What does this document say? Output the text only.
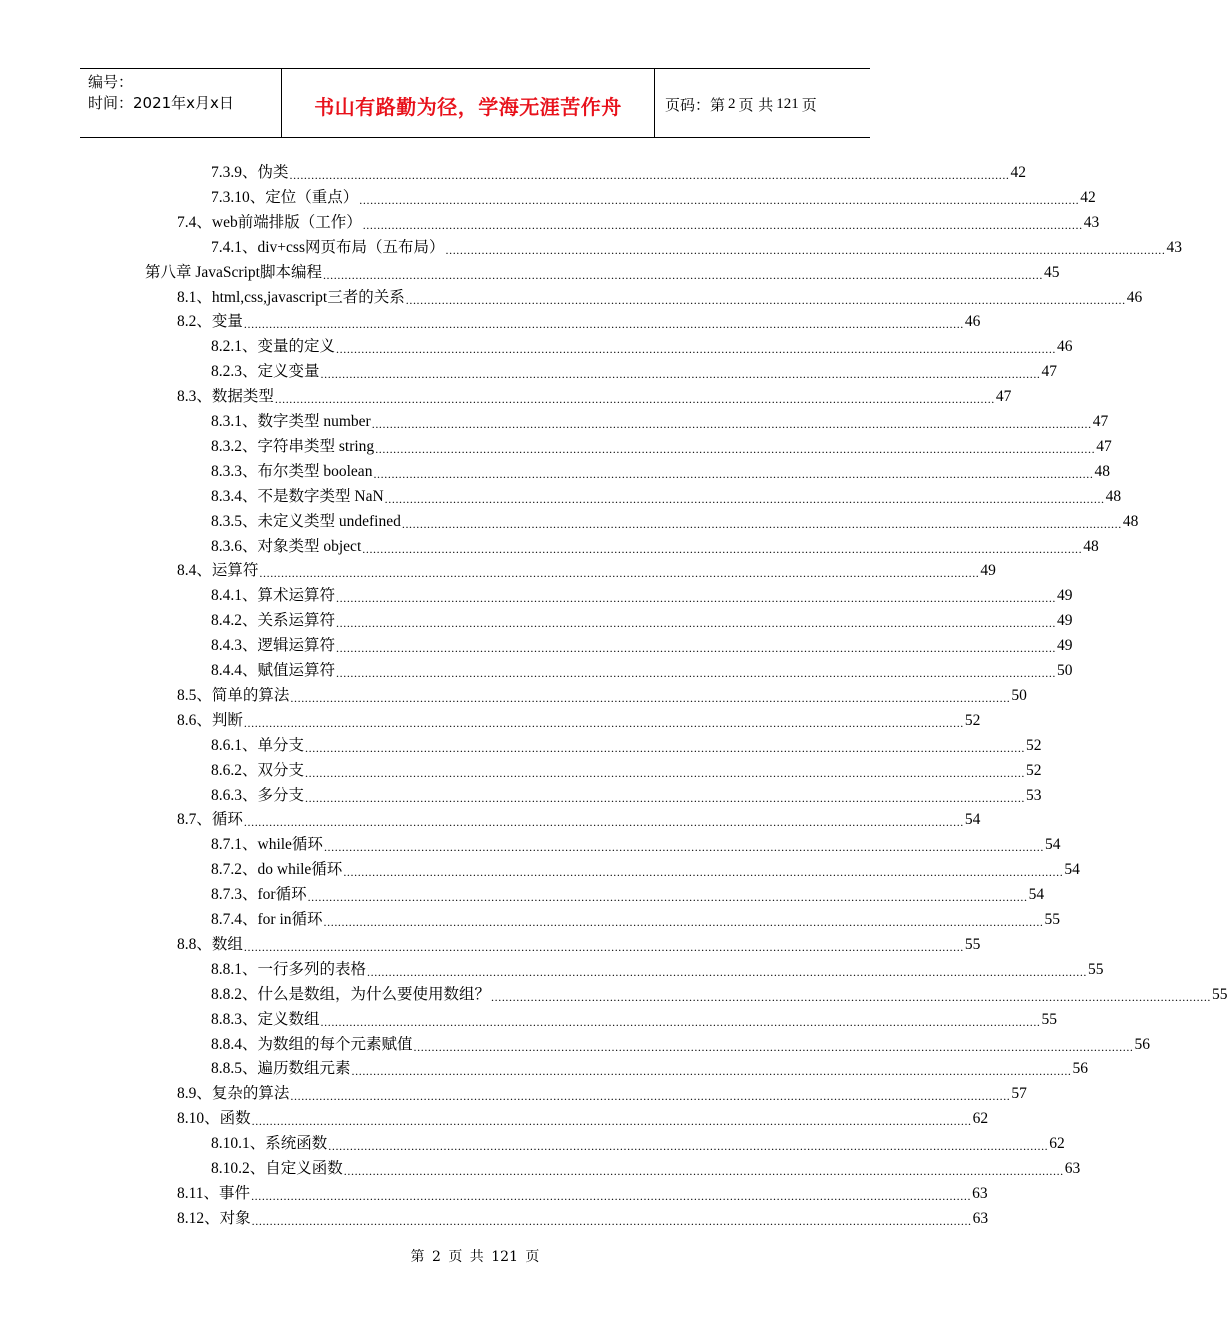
编号：
时间：2021年x月x日	书山有路勤为径，学海无涯苦作舟	页码：第 2 页 共 121 页
7.3.9、伪类 ........................................................................................................................................................................................................ 42
7.3.10、定位（重点） ........................................................................................................................................................................................................ 42
7.4、web前端排版（工作） ........................................................................................................................................................................................................ 43
7.4.1、div+css网页布局（五布局） ........................................................................................................................................................................................................ 43
第八章 JavaScript脚本编程 ........................................................................................................................................................................................................ 45
8.1、html,css,javascript三者的关系 ........................................................................................................................................................................................................ 46
8.2、变量 ........................................................................................................................................................................................................ 46
8.2.1、变量的定义 ........................................................................................................................................................................................................ 46
8.2.3、定义变量 ........................................................................................................................................................................................................ 47
8.3、数据类型 ........................................................................................................................................................................................................ 47
8.3.1、数字类型 number ........................................................................................................................................................................................................ 47
8.3.2、字符串类型 string ........................................................................................................................................................................................................ 47
8.3.3、布尔类型 boolean ........................................................................................................................................................................................................ 48
8.3.4、不是数字类型 NaN ........................................................................................................................................................................................................ 48
8.3.5、未定义类型 undefined ........................................................................................................................................................................................................ 48
8.3.6、对象类型 object ........................................................................................................................................................................................................ 48
8.4、运算符 ........................................................................................................................................................................................................ 49
8.4.1、算术运算符 ........................................................................................................................................................................................................ 49
8.4.2、关系运算符 ........................................................................................................................................................................................................ 49
8.4.3、逻辑运算符 ........................................................................................................................................................................................................ 49
8.4.4、赋值运算符 ........................................................................................................................................................................................................ 50
8.5、简单的算法 ........................................................................................................................................................................................................ 50
8.6、判断 ........................................................................................................................................................................................................ 52
8.6.1、单分支 ........................................................................................................................................................................................................ 52
8.6.2、双分支 ........................................................................................................................................................................................................ 52
8.6.3、多分支 ........................................................................................................................................................................................................ 53
8.7、循环 ........................................................................................................................................................................................................ 54
8.7.1、while循环 ........................................................................................................................................................................................................ 54
8.7.2、do while循环 ........................................................................................................................................................................................................ 54
8.7.3、for循环 ........................................................................................................................................................................................................ 54
8.7.4、for in循环 ........................................................................................................................................................................................................ 55
8.8、数组 ........................................................................................................................................................................................................ 55
8.8.1、一行多列的表格 ........................................................................................................................................................................................................ 55
8.8.2、什么是数组，为什么要使用数组？ ........................................................................................................................................................................................................ 55
8.8.3、定义数组 ........................................................................................................................................................................................................ 55
8.8.4、为数组的每个元素赋值 ........................................................................................................................................................................................................ 56
8.8.5、遍历数组元素 ........................................................................................................................................................................................................ 56
8.9、复杂的算法 ........................................................................................................................................................................................................ 57
8.10、函数 ........................................................................................................................................................................................................ 62
8.10.1、系统函数 ........................................................................................................................................................................................................ 62
8.10.2、自定义函数 ........................................................................................................................................................................................................ 63
8.11、事件 ........................................................................................................................................................................................................ 63
8.12、对象 ........................................................................................................................................................................................................ 63
第 2 页 共 121 页
